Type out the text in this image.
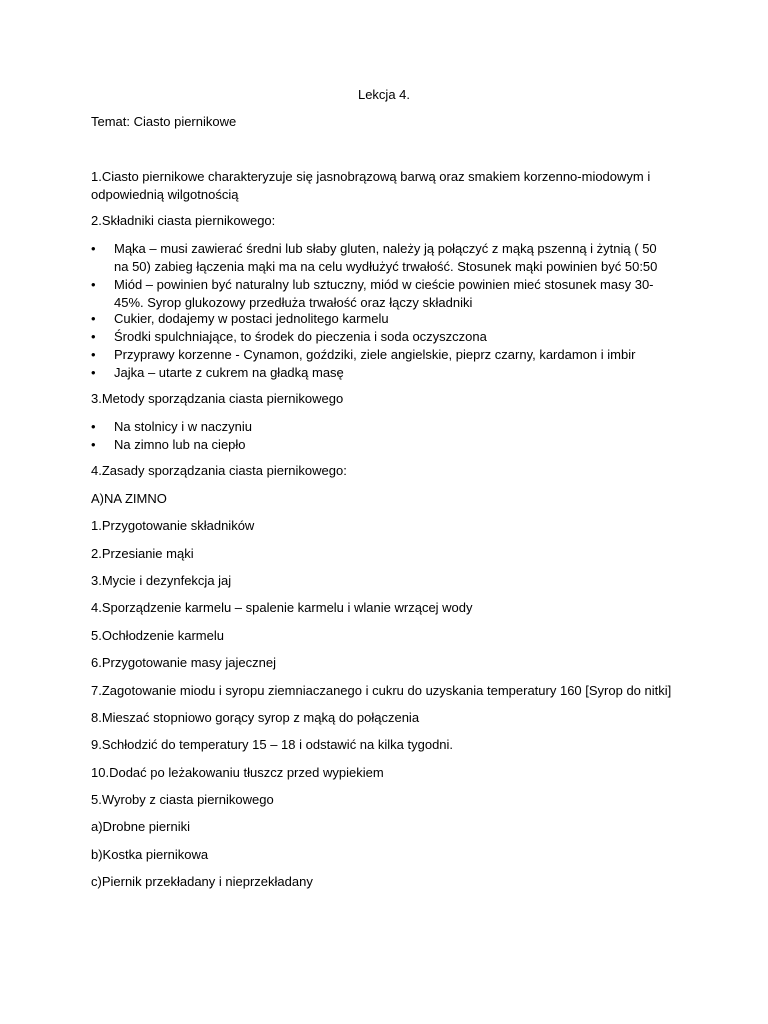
Lekcja 4.
Temat: Ciasto piernikowe
1.Ciasto piernikowe charakteryzuje się jasnobrązową barwą oraz smakiem korzenno-miodowym i odpowiednią wilgotnością
2.Składniki ciasta piernikowego:
• Mąka – musi zawierać średni lub słaby gluten, należy ją połączyć z mąką pszenną i żytnią ( 50 na 50) zabieg łączenia mąki ma na celu wydłużyć trwałość. Stosunek mąki powinien być 50:50
• Miód – powinien być naturalny lub sztuczny, miód w cieście powinien mieć stosunek masy 30-45%. Syrop glukozowy przedłuża trwałość oraz łączy składniki
• Cukier, dodajemy w postaci jednolitego karmelu
• Środki spulchniające, to środek do pieczenia i soda oczyszczona
• Przyprawy korzenne - Cynamon, goździki, ziele angielskie, pieprz czarny, kardamon i imbir
• Jajka – utarte z cukrem na gładką masę
3.Metody sporządzania ciasta piernikowego
• Na stolnicy i w naczyniu
• Na zimno lub na ciepło
4.Zasady sporządzania ciasta piernikowego:
A)NA ZIMNO
1.Przygotowanie składników
2.Przesianie mąki
3.Mycie i dezynfekcja jaj
4.Sporządzenie karmelu – spalenie karmelu i wlanie wrzącej wody
5.Ochłodzenie karmelu
6.Przygotowanie masy jajecznej
7.Zagotowanie miodu i syropu ziemniaczanego i cukru do uzyskania temperatury 160 [Syrop do nitki]
8.Mieszać stopniowo gorący syrop z mąką do połączenia
9.Schłodzić do temperatury 15 – 18 i odstawić na kilka tygodni.
10.Dodać po leżakowaniu tłuszcz przed wypiekiem
5.Wyroby z ciasta piernikowego
a)Drobne pierniki
b)Kostka piernikowa
c)Piernik przekładany i nieprzekładany
